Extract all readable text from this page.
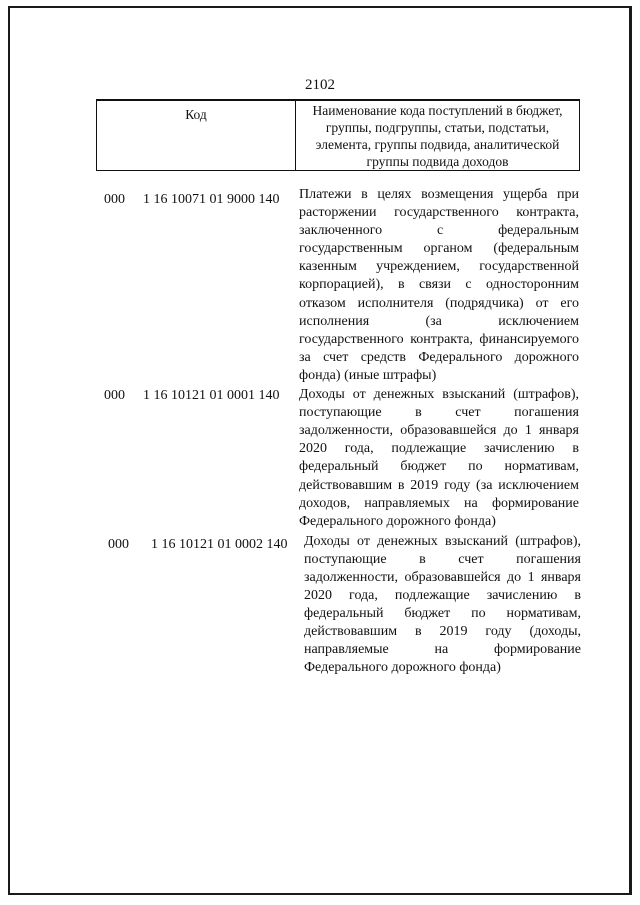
2102
Код	Наименование кода поступлений в бюджет, группы, подгруппы, статьи, подстатьи, элемента, группы подвида, аналитической группы подвида доходов
000 1 16 10071 01 9000 140 Платежи в целях возмещения ущерба при расторжении государственного контракта, заключенного с федеральным государственным органом (федеральным казенным учреждением, государственной корпорацией), в связи с односторонним отказом исполнителя (подрядчика) от его исполнения (за исключением государственного контракта, финансируемого за счет средств Федерального дорожного фонда) (иные штрафы)
000 1 16 10121 01 0001 140 Доходы от денежных взысканий (штрафов), поступающие в счет погашения задолженности, образовавшейся до 1 января 2020 года, подлежащие зачислению в федеральный бюджет по нормативам, действовавшим в 2019 году (за исключением доходов, направляемых на формирование Федерального дорожного фонда)
000 1 16 10121 01 0002 140 Доходы от денежных взысканий (штрафов), поступающие в счет погашения задолженности, образовавшейся до 1 января 2020 года, подлежащие зачислению в федеральный бюджет по нормативам, действовавшим в 2019 году (доходы, направляемые на формирование Федерального дорожного фонда)
